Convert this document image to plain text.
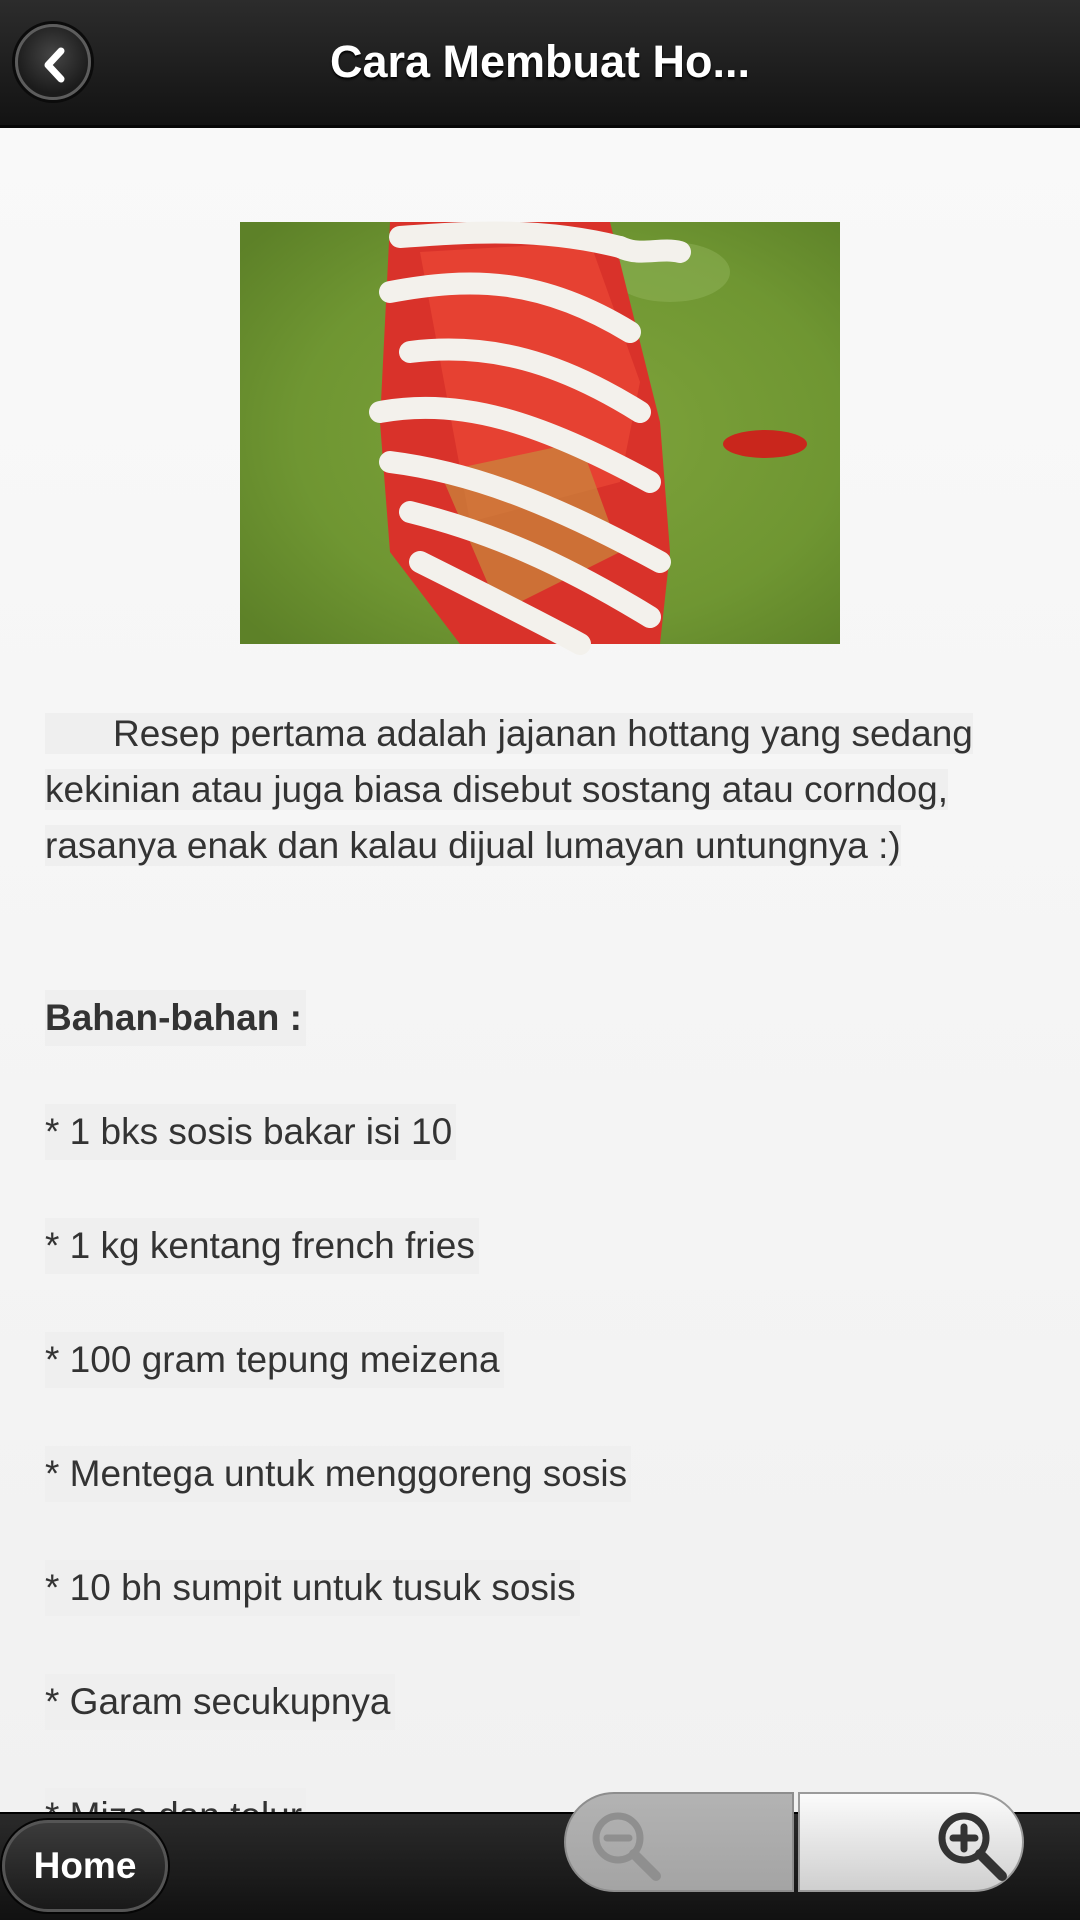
Cara Membuat Ho...
Resep pertama adalah jajanan hottang yang sedang kekinian atau juga biasa disebut sostang atau corndog, rasanya enak dan kalau dijual lumayan untungnya :)
Bahan-bahan :
* 1 bks sosis bakar isi 10
* 1 kg kentang french fries
* 100 gram tepung meizena
* Mentega untuk menggoreng sosis
* 10 bh sumpit untuk tusuk sosis
* Garam secukupnya
Home
